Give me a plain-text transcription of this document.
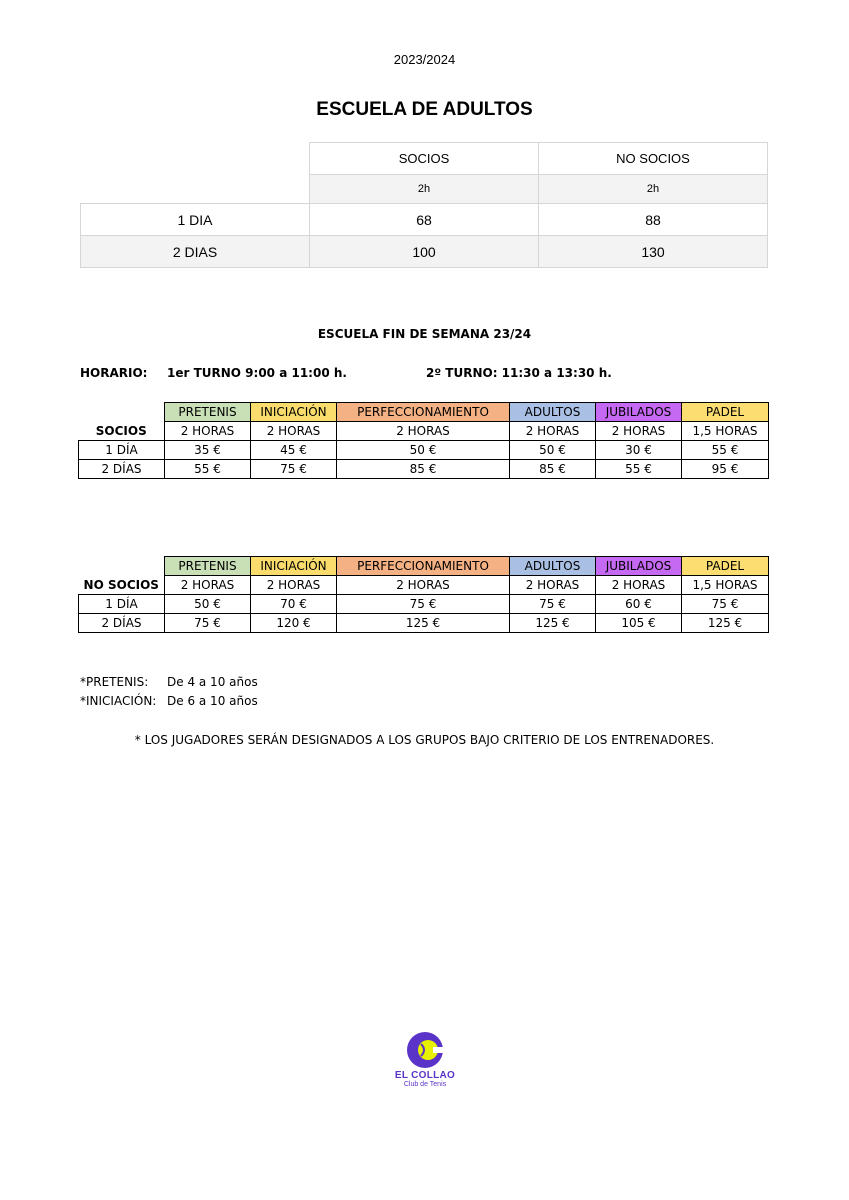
2023/2024
ESCUELA DE ADULTOS
	SOCIOS	NO SOCIOS
	2h	2h
1 DIA	68	88
2 DIAS	100	130
ESCUELA FIN DE SEMANA 23/24
HORARIO: 1er TURNO 9:00 a 11:00 h.	2º TURNO: 11:30 a 13:30 h.
	PRETENIS	INICIACIÓN	PERFECCIONAMIENTO	ADULTOS	JUBILADOS	PADEL
SOCIOS	2 HORAS	2 HORAS	2 HORAS	2 HORAS	2 HORAS	1,5 HORAS
1 DÍA	35 €	45 €	50 €	50 €	30 €	55 €
2 DÍAS	55 €	75 €	85 €	85 €	55 €	95 €
	PRETENIS	INICIACIÓN	PERFECCIONAMIENTO	ADULTOS	JUBILADOS	PADEL
NO SOCIOS	2 HORAS	2 HORAS	2 HORAS	2 HORAS	2 HORAS	1,5 HORAS
1 DÍA	50 €	70 €	75 €	75 €	60 €	75 €
2 DÍAS	75 €	120 €	125 €	125 €	105 €	125 €
*PRETENIS: De 4 a 10 años
*INICIACIÓN: De 6 a 10 años
* LOS JUGADORES SERÁN DESIGNADOS A LOS GRUPOS BAJO CRITERIO DE LOS ENTRENADORES.
EL COLLAO
Club de Tenis
